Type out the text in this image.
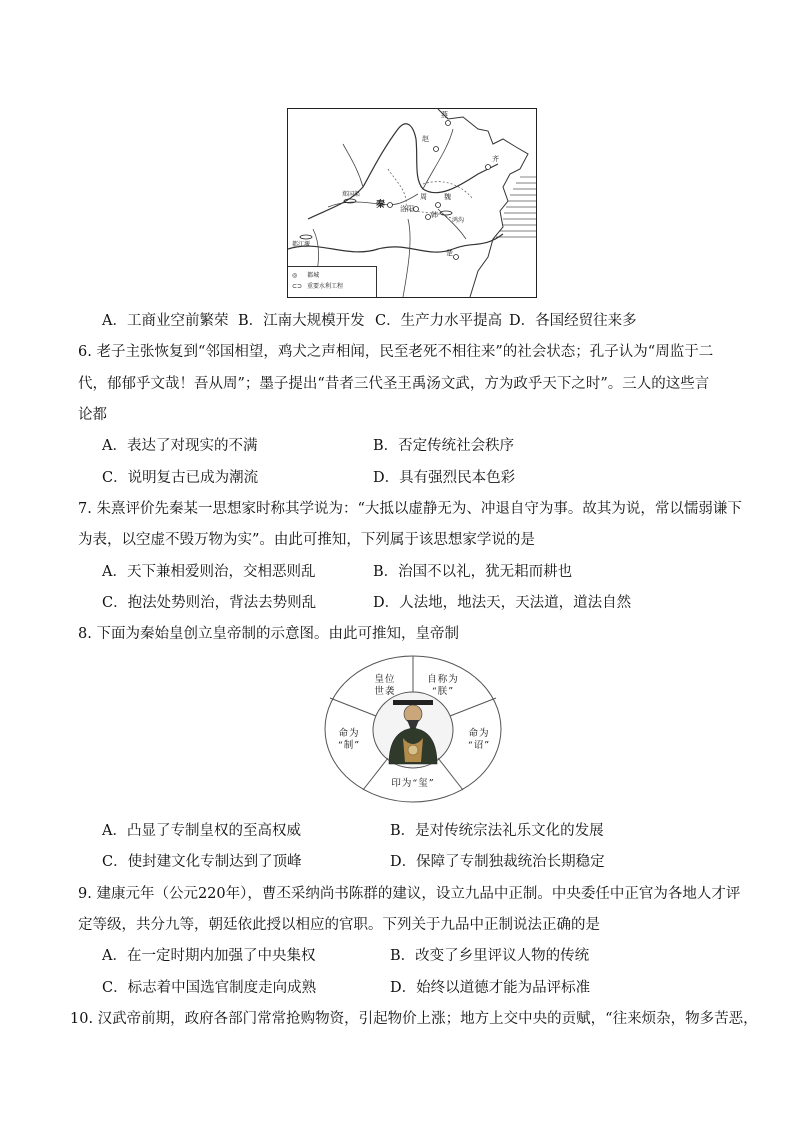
燕
赵
齐
秦
周 魏
韩
洛阳
楚
郑国渠
都江堰
鸿沟
◎ 都城
⊂⊃ 重要水利工程
A．工商业空前繁荣 B．江南大规模开发 C．生产力水平提高 D．各国经贸往来多
6. 老子主张恢复到“邻国相望，鸡犬之声相闻，民至老死不相往来”的社会状态；孔子认为“周监于二
代，郁郁乎文哉！吾从周”；墨子提出“昔者三代圣王禹汤文武，方为政乎天下之时”。三人的这些言
论都
A．表达了对现实的不满	B．否定传统社会秩序
C．说明复古已成为潮流	D．具有强烈民本色彩
7. 朱熹评价先秦某一思想家时称其学说为：“大抵以虚静无为、冲退自守为事。故其为说，常以懦弱谦下
为表，以空虚不毁万物为实”。由此可推知，下列属于该思想家学说的是
A．天下兼相爱则治，交相恶则乱	B．治国不以礼，犹无耜而耕也
C．抱法处势则治，背法去势则乱	D．人法地，地法天，天法道，道法自然
8. 下面为秦始皇创立皇帝制的示意图。由此可推知，皇帝制
皇位
世袭
自称为
“朕”
命为
“诏”
印为“玺”
命为
“制”
A．凸显了专制皇权的至高权威	B．是对传统宗法礼乐文化的发展
C．使封建文化专制达到了顶峰	D．保障了专制独裁统治长期稳定
9. 建康元年（公元220年），曹丕采纳尚书陈群的建议，设立九品中正制。中央委任中正官为各地人才评
定等级，共分九等，朝廷依此授以相应的官职。下列关于九品中正制说法正确的是
A．在一定时期内加强了中央集权	B．改变了乡里评议人物的传统
C．标志着中国选官制度走向成熟	D．始终以道德才能为品评标准
10. 汉武帝前期，政府各部门常常抢购物资，引起物价上涨；地方上交中央的贡赋，“往来烦杂，物多苦恶，
